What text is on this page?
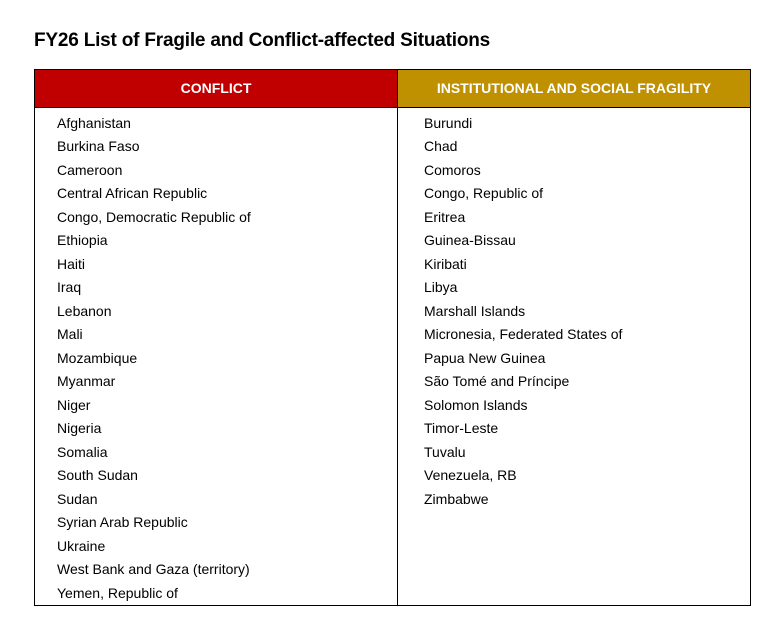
FY26 List of Fragile and Conflict-affected Situations
CONFLICT	INSTITUTIONAL AND SOCIAL FRAGILITY
Afghanistan
Burkina Faso
Cameroon
Central African Republic
Congo, Democratic Republic of
Ethiopia
Haiti
Iraq
Lebanon
Mali
Mozambique
Myanmar
Niger
Nigeria
Somalia
South Sudan
Sudan
Syrian Arab Republic
Ukraine
West Bank and Gaza (territory)
Yemen, Republic of
Burundi
Chad
Comoros
Congo, Republic of
Eritrea
Guinea-Bissau
Kiribati
Libya
Marshall Islands
Micronesia, Federated States of
Papua New Guinea
São Tomé and Príncipe
Solomon Islands
Timor-Leste
Tuvalu
Venezuela, RB
Zimbabwe
